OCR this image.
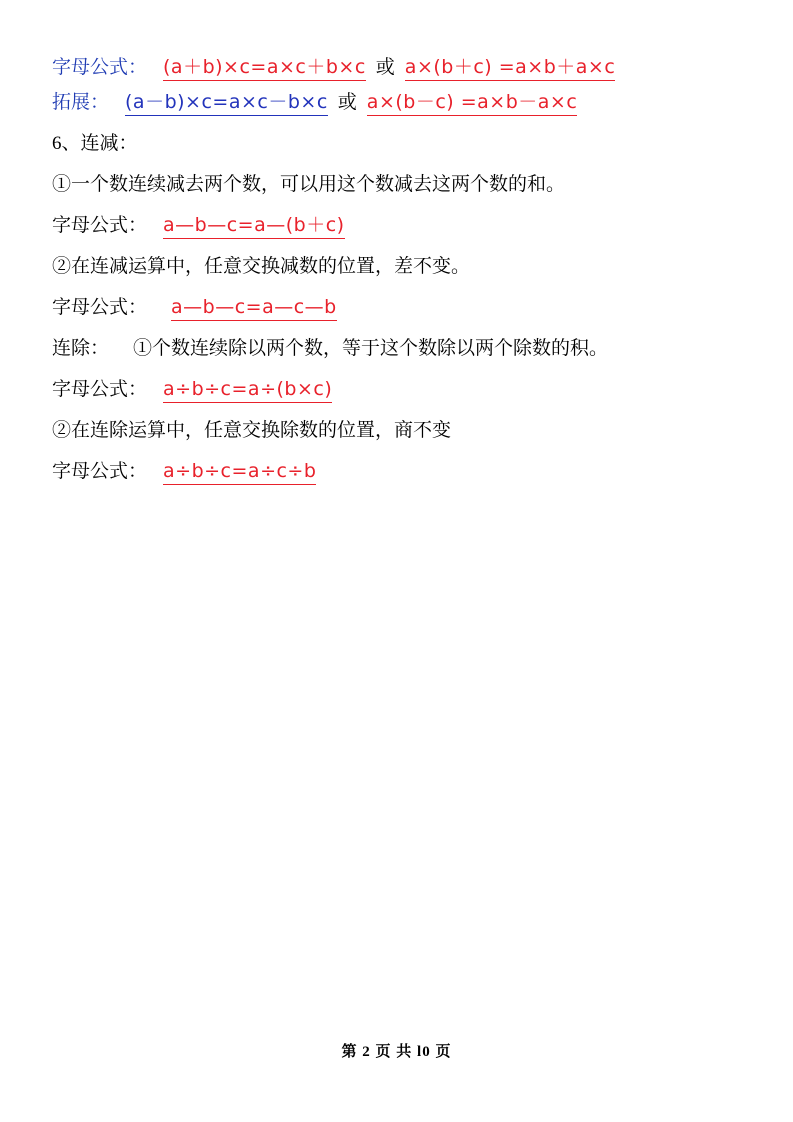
字母公式： (a＋b)×c=a×c＋b×c 或 a×(b＋c) =a×b＋a×c
拓展： (a－b)×c=a×c－b×c 或 a×(b－c) =a×b－a×c
6、连减：
①一个数连续减去两个数，可以用这个数减去这两个数的和。
字母公式： a—b—c=a—(b＋c)
②在连减运算中，任意交换减数的位置，差不变。
字母公式： a—b—c=a—c—b
连除： ①个数连续除以两个数，等于这个数除以两个除数的积。
字母公式： a÷b÷c=a÷(b×c)
②在连除运算中，任意交换除数的位置，商不变
字母公式： a÷b÷c=a÷c÷b
第 2 页 共 l0 页
